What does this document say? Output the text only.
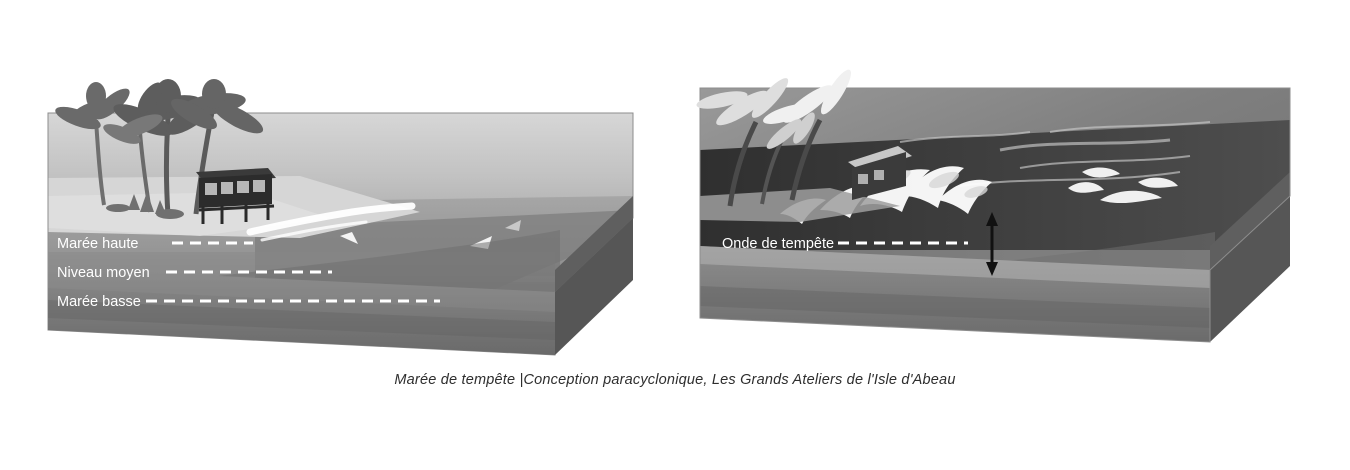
Marée haute
Niveau moyen
Marée basse
Onde de tempête
Marée de tempête |Conception paracyclonique, Les Grands Ateliers de l'Isle d'Abeau
